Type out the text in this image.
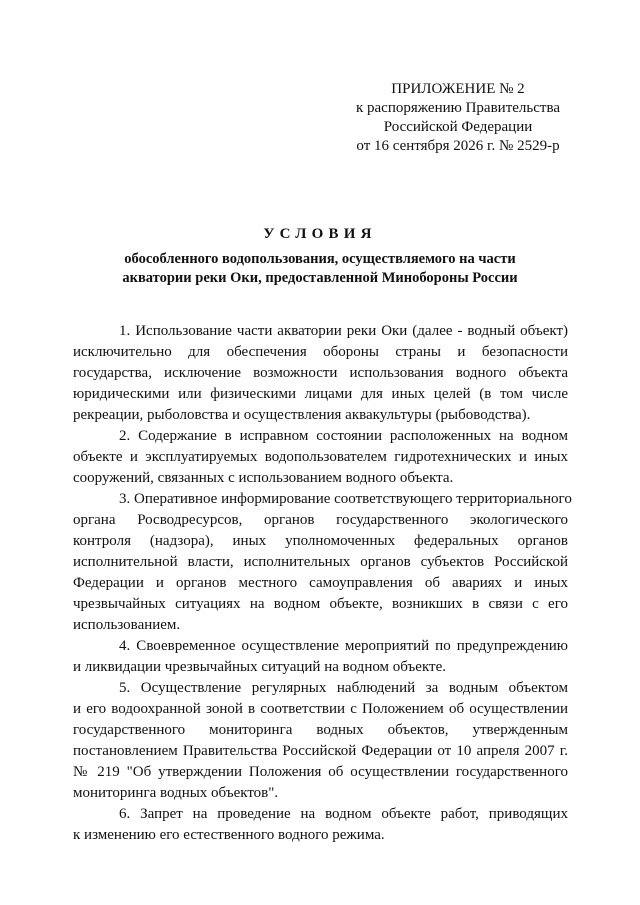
ПРИЛОЖЕНИЕ № 2
к распоряжению Правительства
Российской Федерации
от 16 сентября 2026 г. № 2529-р
УСЛОВИЯ
обособленного водопользования, осуществляемого на части
акватории реки Оки, предоставленной Минобороны России
1. Использование части акватории реки Оки (далее - водный объект)
исключительно для обеспечения обороны страны и безопасности
государства, исключение возможности использования водного объекта
юридическими или физическими лицами для иных целей (в том числе
рекреации, рыболовства и осуществления аквакультуры (рыбоводства).
2. Содержание в исправном состоянии расположенных на водном
объекте и эксплуатируемых водопользователем гидротехнических и иных
сооружений, связанных с использованием водного объекта.
3. Оперативное информирование соответствующего территориального
органа Росводресурсов, органов государственного экологического
контроля (надзора), иных уполномоченных федеральных органов
исполнительной власти, исполнительных органов субъектов Российской
Федерации и органов местного самоуправления об авариях и иных
чрезвычайных ситуациях на водном объекте, возникших в связи с его
использованием.
4. Своевременное осуществление мероприятий по предупреждению
и ликвидации чрезвычайных ситуаций на водном объекте.
5. Осуществление регулярных наблюдений за водным объектом
и его водоохранной зоной в соответствии с Положением об осуществлении
государственного мониторинга водных объектов, утвержденным
постановлением Правительства Российской Федерации от 10 апреля 2007 г.
№ 219 "Об утверждении Положения об осуществлении государственного
мониторинга водных объектов".
6. Запрет на проведение на водном объекте работ, приводящих
к изменению его естественного водного режима.
